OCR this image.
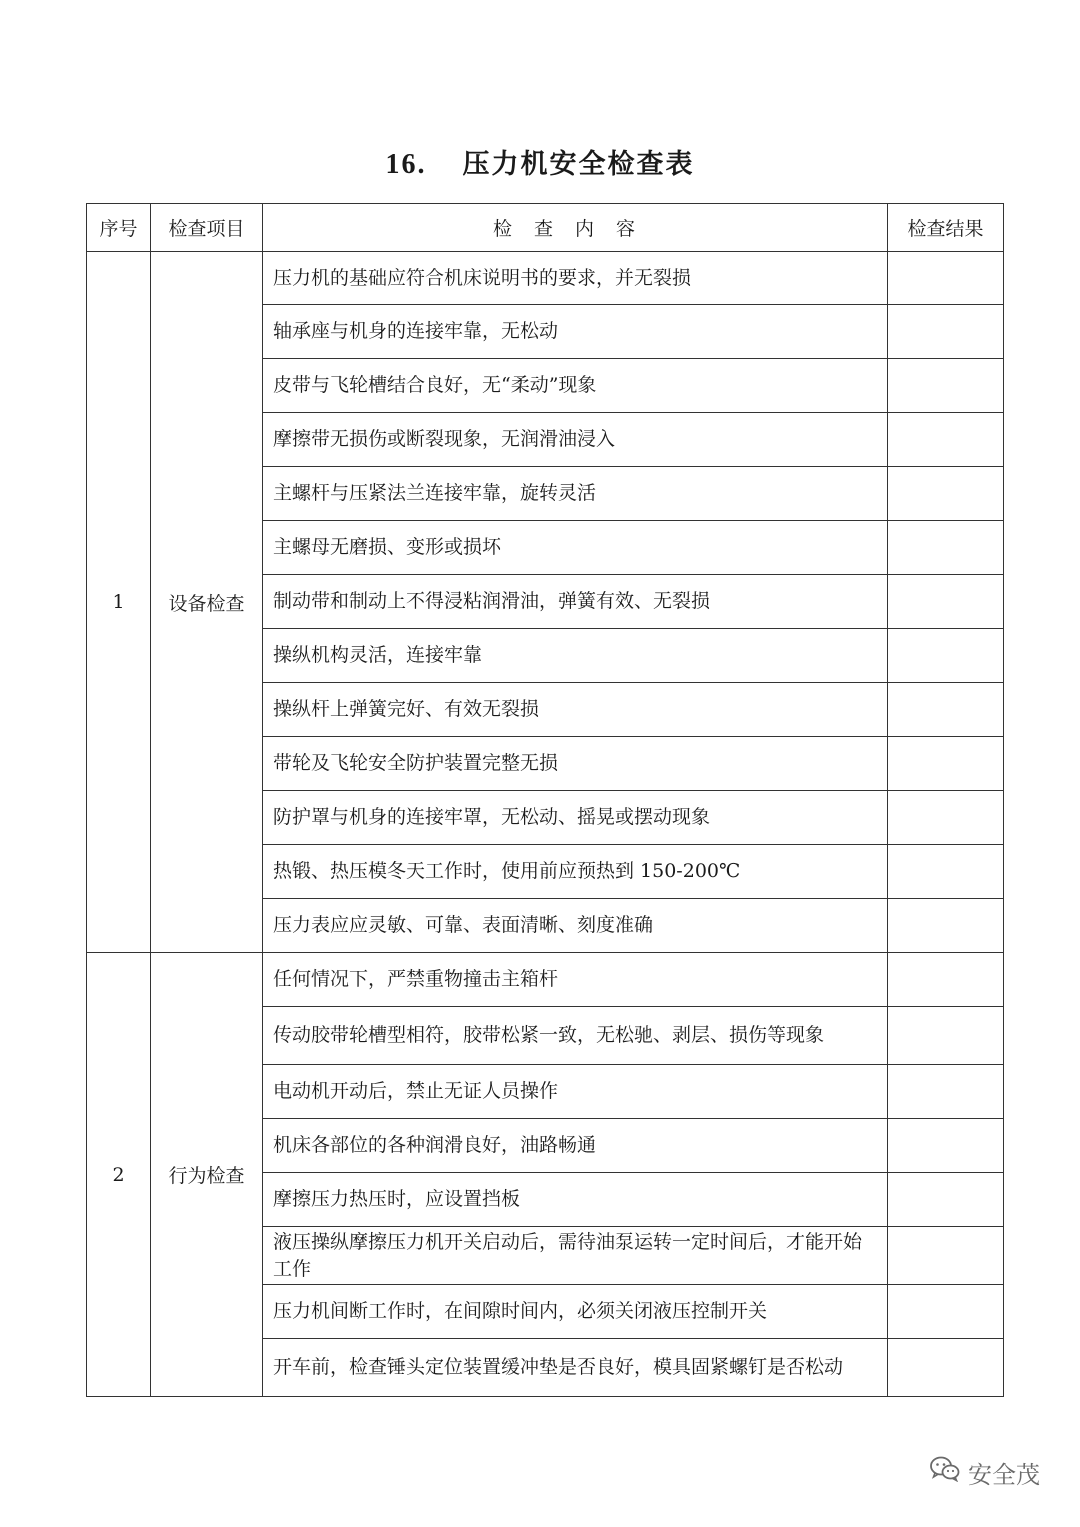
16. 压力机安全检查表
序号	检查项目	检查内容	检查结果
1	设备检查	压力机的基础应符合机床说明书的要求，并无裂损	
		轴承座与机身的连接牢靠，无松动	
		皮带与飞轮槽结合良好，无“柔动”现象	
		摩擦带无损伤或断裂现象，无润滑油浸入	
		主螺杆与压紧法兰连接牢靠，旋转灵活	
		主螺母无磨损、变形或损坏	
		制动带和制动上不得浸粘润滑油，弹簧有效、无裂损	
		操纵机构灵活，连接牢靠	
		操纵杆上弹簧完好、有效无裂损	
		带轮及飞轮安全防护装置完整无损	
		防护罩与机身的连接牢罩，无松动、摇晃或摆动现象	
		热锻、热压模冬天工作时，使用前应预热到 150-200℃	
		压力表应应灵敏、可靠、表面清晰、刻度准确	
2	行为检查	任何情况下，严禁重物撞击主箱杆	
		传动胶带轮槽型相符，胶带松紧一致，无松驰、剥层、损伤等现象	
		电动机开动后，禁止无证人员操作	
		机床各部位的各种润滑良好，油路畅通	
		摩擦压力热压时，应设置挡板	
		液压操纵摩擦压力机开关启动后，需待油泵运转一定时间后，才能开始工作	
		压力机间断工作时，在间隙时间内，必须关闭液压控制开关	
		开车前，检查锤头定位装置缓冲垫是否良好，模具固紧螺钉是否松动	
安全茂
